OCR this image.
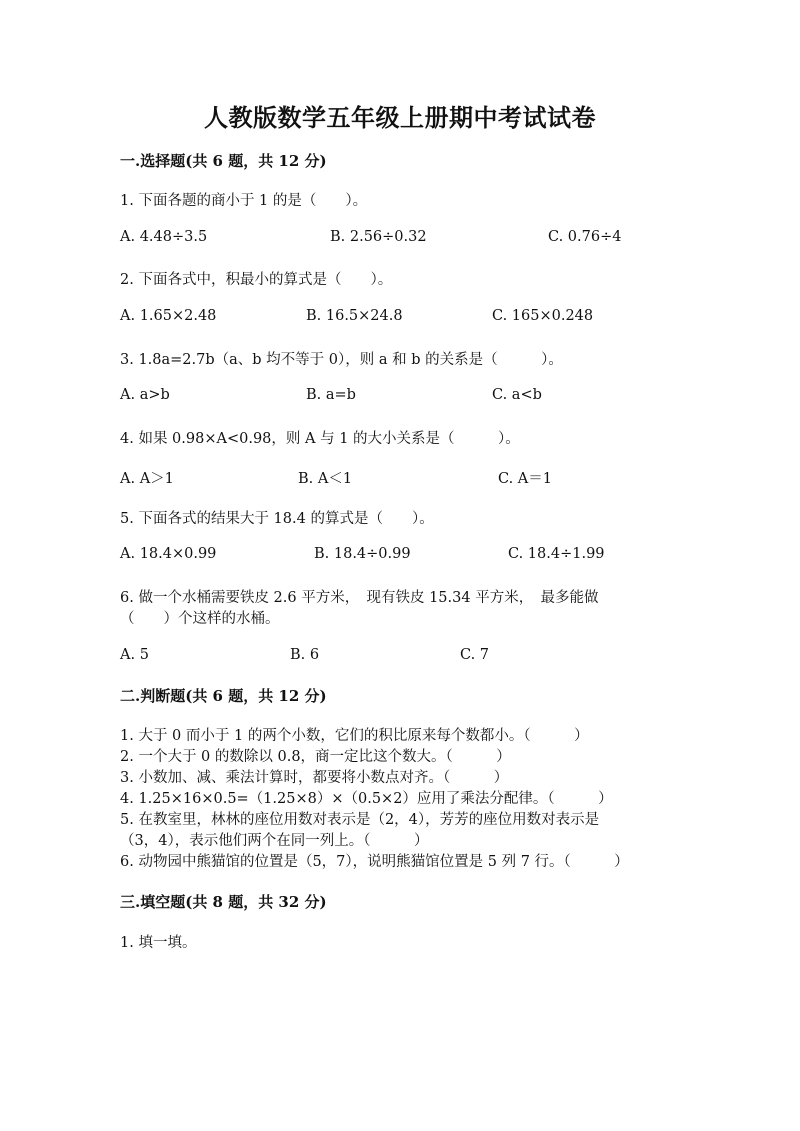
人教版数学五年级上册期中考试试卷
一.选择题(共 6 题，共 12 分)
1. 下面各题的商小于 1 的是（　　）。
A. 4.48÷3.5	B. 2.56÷0.32	C. 0.76÷4
2. 下面各式中，积最小的算式是（　　）。
A. 1.65×2.48	B. 16.5×24.8	C. 165×0.248
3. 1.8a=2.7b（a、b 均不等于 0），则 a 和 b 的关系是（　　　）。
A. a>b	B. a=b	C. a<b
4. 如果 0.98×A<0.98，则 A 与 1 的大小关系是（　　　）。
A. A＞1	B. A＜1	C. A＝1
5. 下面各式的结果大于 18.4 的算式是（　　）。
A. 18.4×0.99	B. 18.4÷0.99	C. 18.4÷1.99
6. 做一个水桶需要铁皮 2.6 平方米，　现有铁皮 15.34 平方米，　最多能做
（　　）个这样的水桶。
A. 5	B. 6	C. 7
二.判断题(共 6 题，共 12 分)
1. 大于 0 而小于 1 的两个小数，它们的积比原来每个数都小。（　　　）
2. 一个大于 0 的数除以 0.8，商一定比这个数大。（　　　）
3. 小数加、减、乘法计算时，都要将小数点对齐。（　　　）
4. 1.25×16×0.5=（1.25×8）×（0.5×2）应用了乘法分配律。（　　　）
5. 在教室里，林林的座位用数对表示是（2，4），芳芳的座位用数对表示是
（3，4），表示他们两个在同一列上。（　　　）
6. 动物园中熊猫馆的位置是（5，7），说明熊猫馆位置是 5 列 7 行。（　　　）
三.填空题(共 8 题，共 32 分)
1. 填一填。
